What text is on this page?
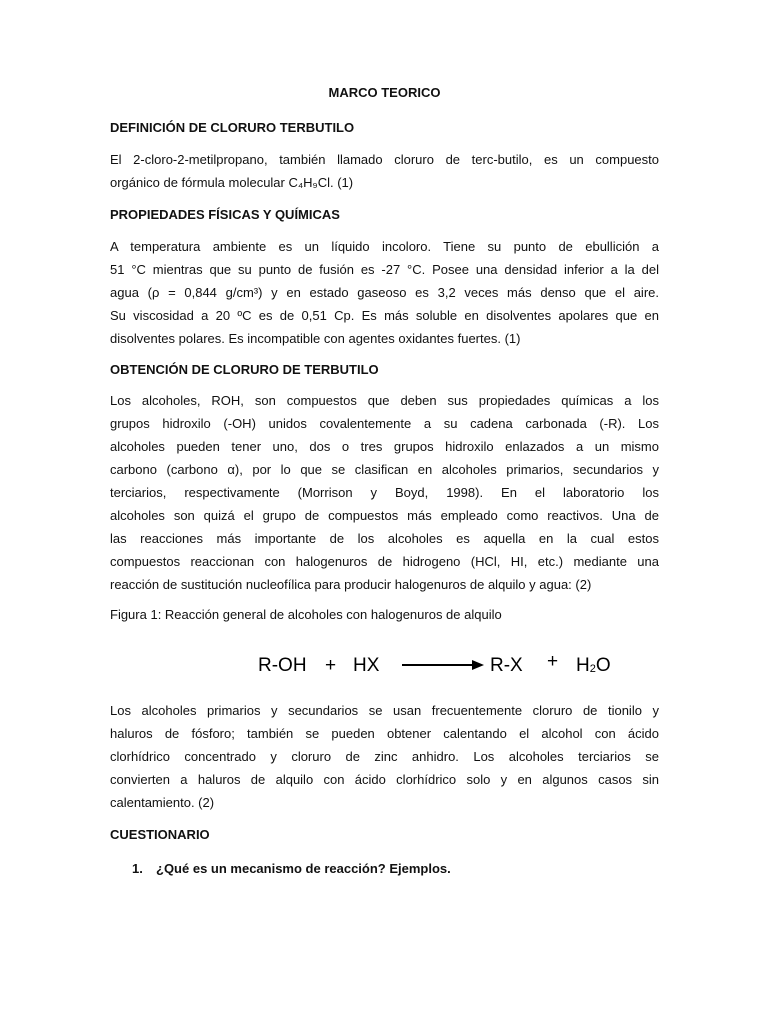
MARCO TEORICO
DEFINICIÓN DE CLORURO TERBUTILO
El 2-cloro-2-metilpropano, también llamado cloruro de terc-butilo, es un compuesto
orgánico de fórmula molecular C₄H₉Cl. (1)
PROPIEDADES FÍSICAS Y QUÍMICAS
A temperatura ambiente es un líquido incoloro. Tiene su punto de ebullición a
51 °C mientras que su punto de fusión es -27 °C. Posee una densidad inferior a la del
agua (ρ = 0,844 g/cm³) y en estado gaseoso es 3,2 veces más denso que el aire.
Su viscosidad a 20 ºC es de 0,51 Cp. Es más soluble en disolventes apolares que en
disolventes polares. Es incompatible con agentes oxidantes fuertes. (1)
OBTENCIÓN DE CLORURO DE TERBUTILO
Los alcoholes, ROH, son compuestos que deben sus propiedades químicas a los
grupos hidroxilo (-OH) unidos covalentemente a su cadena carbonada (-R). Los
alcoholes pueden tener uno, dos o tres grupos hidroxilo enlazados a un mismo
carbono (carbono α), por lo que se clasifican en alcoholes primarios, secundarios y
terciarios, respectivamente (Morrison y Boyd, 1998). En el laboratorio los
alcoholes son quizá el grupo de compuestos más empleado como reactivos. Una de
las reacciones más importante de los alcoholes es aquella en la cual estos
compuestos reaccionan con halogenuros de hidrogeno (HCl, HI, etc.) mediante una
reacción de sustitución nucleofílica para producir halogenuros de alquilo y agua: (2)
Figura 1: Reacción general de alcoholes con halogenuros de alquilo
R-OH + HX	$R-X + H_2O$
Los alcoholes primarios y secundarios se usan frecuentemente cloruro de tionilo y
haluros de fósforo; también se pueden obtener calentando el alcohol con ácido
clorhídrico concentrado y cloruro de zinc anhidro. Los alcoholes terciarios se
convierten a haluros de alquilo con ácido clorhídrico solo y en algunos casos sin
calentamiento. (2)
CUESTIONARIO
1. ¿Qué es un mecanismo de reacción? Ejemplos.
